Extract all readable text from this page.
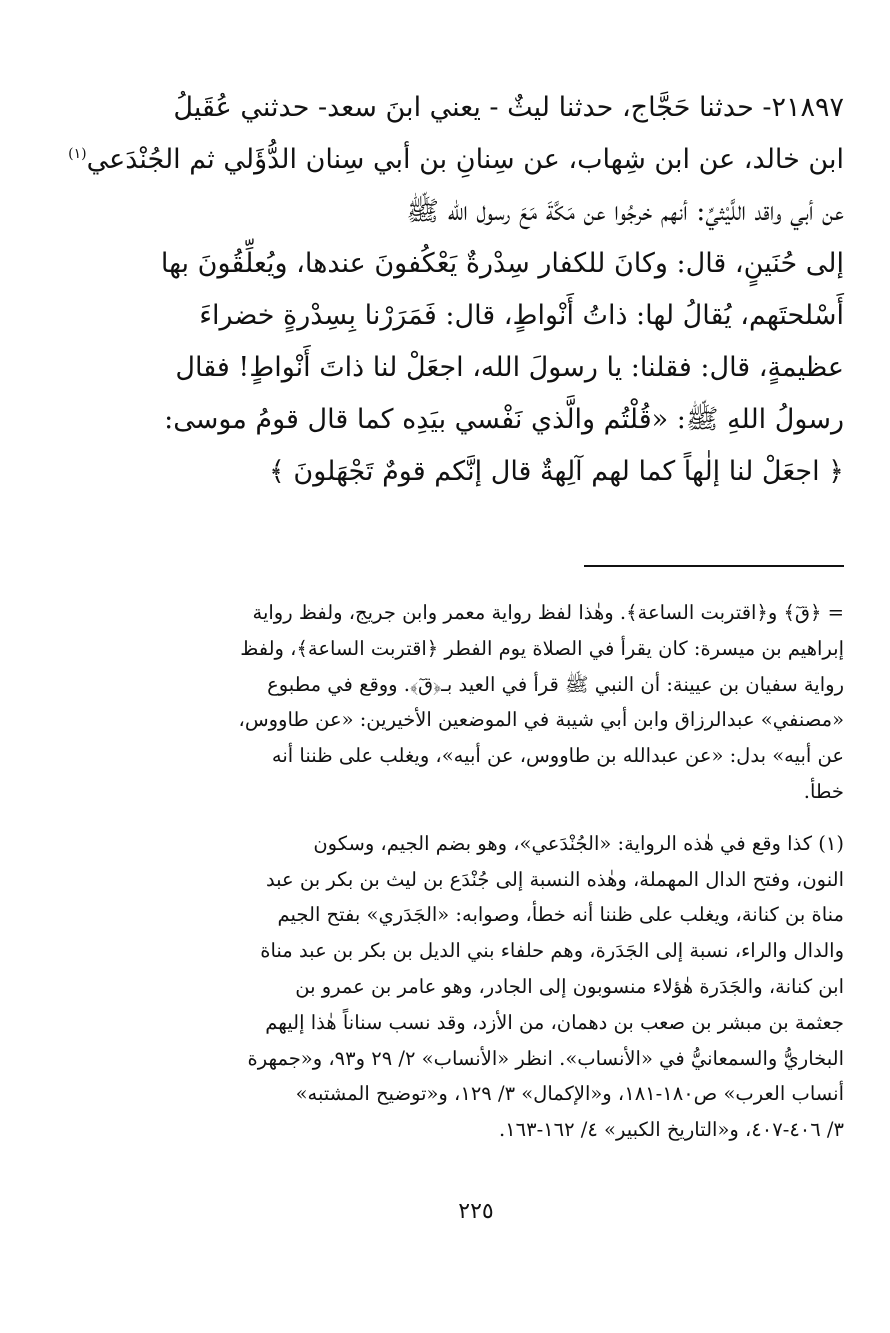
٢١٨٩٧- حدثنا حَجَّاج، حدثنا ليثٌ - يعني ابنَ سعد- حدثني عُقَيلُ
ابن خالد، عن ابن شِهاب، عن سِنانِ بن أبي سِنان الدُّؤَلي ثم الجُنْدَعي$^{(١)}$
عن أبي واقد اللَّيْثيِّ: أنهم خرجُوا عن مَكَّةَ مَعَ رسول الله ﷺ
إلى حُنَينٍ، قال: وكانَ للكفار سِدْرةٌ يَعْكُفونَ عندها، ويُعلِّقُونَ بها
أَسْلحتَهم، يُقالُ لها: ذاتُ أَنْواطٍ، قال: فَمَرَرْنا بِسِدْرةٍ خضراءَ
عظيمةٍ، قال: فقلنا: يا رسولَ الله، اجعَلْ لنا ذاتَ أَنْواطٍ! فقال
رسولُ اللهِ ﷺ: «قُلْتُم والَّذي نَفْسي بيَدِه كما قال قومُ موسى:
﴿ اجعَلْ لنا إلٰهاً كما لهم آلِهةٌ قال إنَّكم قومٌ تَجْهَلونَ ﴾

= ﴿قٓ﴾ و﴿اقتربت الساعة﴾. وهٰذا لفظ رواية معمر وابن جريج، ولفظ رواية
إبراهيم بن ميسرة: كان يقرأ في الصلاة يوم الفطر ﴿اقتربت الساعة﴾، ولفظ
رواية سفيان بن عيينة: أن النبي ﷺ قرأ في العيد بـ﴿قٓ﴾. ووقع في مطبوع
«مصنفي» عبدالرزاق وابن أبي شيبة في الموضعين الأخيرين: «عن طاووس،
عن أبيه» بدل: «عن عبدالله بن طاووس، عن أبيه»، ويغلب على ظننا أنه
خطأ.

(١) كذا وقع في هٰذه الرواية: «الجُنْدَعي»، وهو بضم الجيم، وسكون
النون، وفتح الدال المهملة، وهٰذه النسبة إلى جُنْدَع بن ليث بن بكر بن عبد
مناة بن كنانة، ويغلب على ظننا أنه خطأ، وصوابه: «الجَدَري» بفتح الجيم
والدال والراء، نسبة إلى الجَدَرة، وهم حلفاء بني الديل بن بكر بن عبد مناة
ابن كنانة، والجَدَرة هٰؤلاء منسوبون إلى الجادر، وهو عامر بن عمرو بن
جعثمة بن مبشر بن صعب بن دهمان، من الأزد، وقد نسب سناناً هٰذا إليهم
البخاريُّ والسمعانيُّ في «الأنساب». انظر «الأنساب» ٢/ ٢٩ و٩٣، و«جمهرة
أنساب العرب» ص١٨٠-١٨١، و«الإكمال» ٣/ ١٢٩، و«توضيح المشتبه»
٣/ ٤٠٦-٤٠٧، و«التاريخ الكبير» ٤/ ١٦٢-١٦٣.

٢٢٥
